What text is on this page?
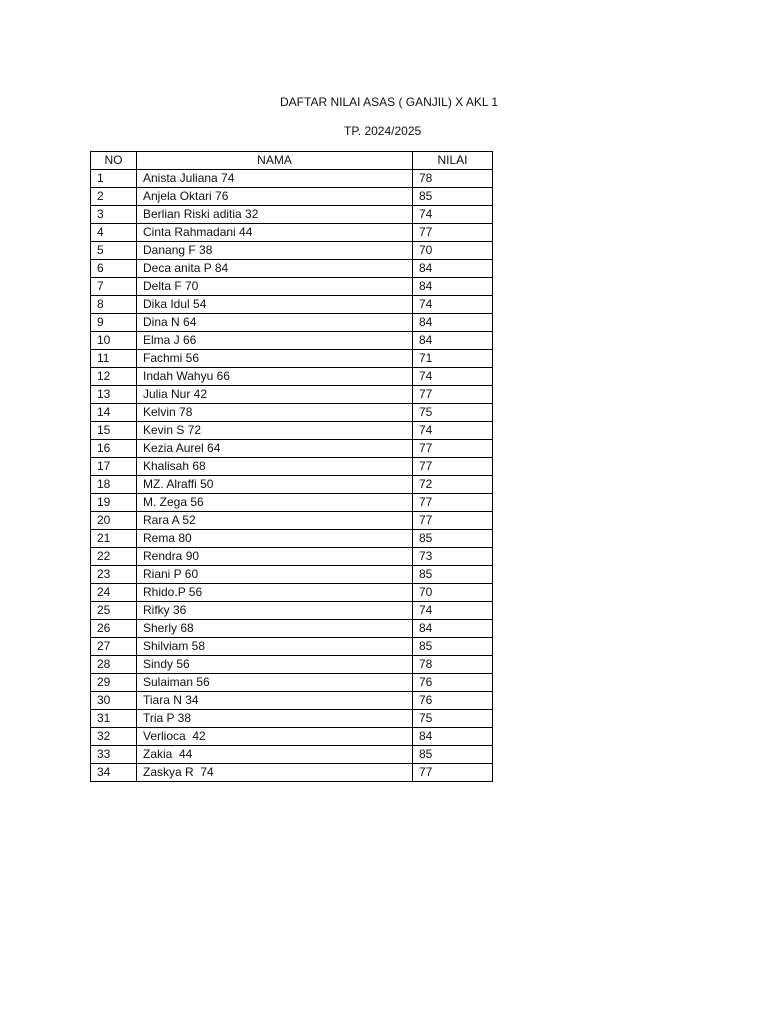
DAFTAR NILAI ASAS ( GANJIL) X AKL 1
TP. 2024/2025
NO	NAMA	NILAI
1	Anista Juliana 74	78
2	Anjela Oktari 76	85
3	Berlian Riski aditia 32	74
4	Cinta Rahmadani 44	77
5	Danang F 38	70
6	Deca anita P 84	84
7	Delta F 70	84
8	Dika Idul 54	74
9	Dina N 64	84
10	Elma J 66	84
11	Fachmi 56	71
12	Indah Wahyu 66	74
13	Julia Nur 42	77
14	Kelvin 78	75
15	Kevin S 72	74
16	Kezia Aurel 64	77
17	Khalisah 68	77
18	MZ. Alraffi 50	72
19	M. Zega 56	77
20	Rara A 52	77
21	Rema 80	85
22	Rendra 90	73
23	Riani P 60	85
24	Rhido.P 56	70
25	Rifky 36	74
26	Sherly 68	84
27	Shilviam 58	85
28	Sindy 56	78
29	Sulaiman 56	76
30	Tiara N 34	76
31	Tria P 38	75
32	Verlioca  42	84
33	Zakia  44	85
34	Zaskya R  74	77
